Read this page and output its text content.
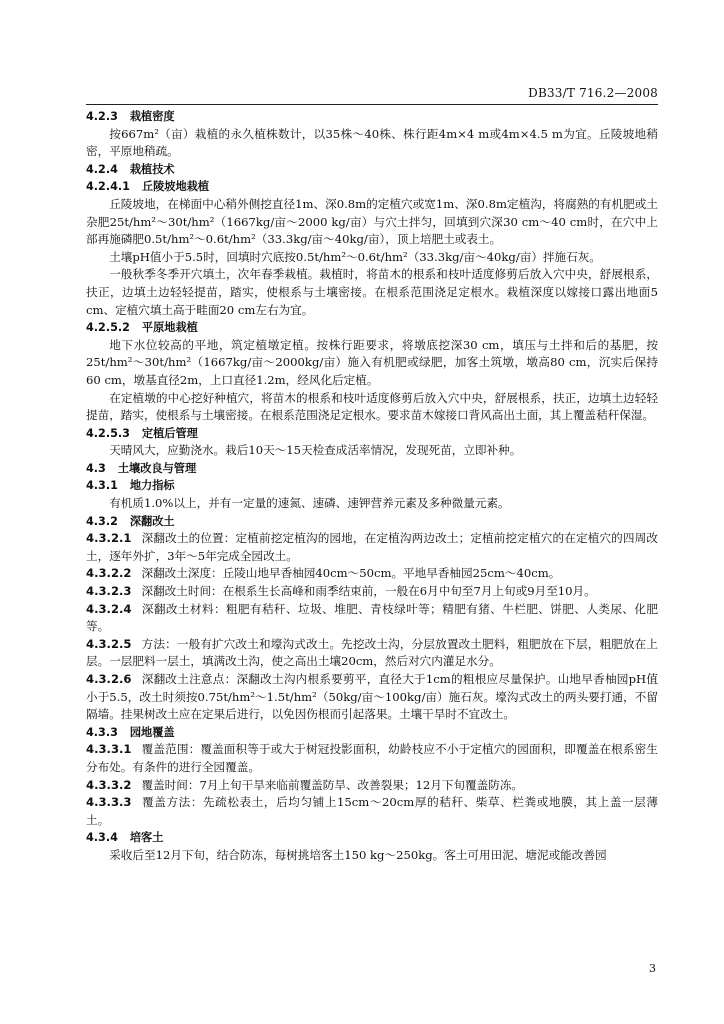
DB33/T 716.2—2008
4.2.3 栽植密度
按667m²（亩）栽植的永久植株数计，以35株～40株、株行距4m×4 m或4m×4.5 m为宜。丘陵坡地稍密，平原地稍疏。
4.2.4 栽植技术
4.2.4.1 丘陵坡地栽植
丘陵坡地，在梯面中心稍外侧挖直径1m、深0.8m的定植穴或宽1m、深0.8m定植沟，将腐熟的有机肥或土杂肥25t/hm²～30t/hm²（1667kg/亩～2000 kg/亩）与穴土拌匀，回填到穴深30 cm～40 cm时，在穴中上部再施磷肥0.5t/hm²～0.6t/hm²（33.3kg/亩～40kg/亩），顶上培肥土或表土。
土壤pH值小于5.5时，回填时穴底按0.5t/hm²～0.6t/hm²（33.3kg/亩～40kg/亩）拌施石灰。
一般秋季冬季开穴填土，次年春季栽植。栽植时，将苗木的根系和枝叶适度修剪后放入穴中央，舒展根系，扶正，边填土边轻轻提苗，踏实，使根系与土壤密接。在根系范围浇足定根水。栽植深度以嫁接口露出地面5 cm、定植穴填土高于畦面20 cm左右为宜。
4.2.5.2 平原地栽植
地下水位较高的平地，筑定植墩定植。按株行距要求，将墩底挖深30 cm，填压与土拌和后的基肥，按25t/hm²～30t/hm²（1667kg/亩～2000kg/亩）施入有机肥或绿肥，加客土筑墩，墩高80 cm，沉实后保持60 cm，墩基直径2m，上口直径1.2m，经风化后定植。
在定植墩的中心挖好种植穴，将苗木的根系和枝叶适度修剪后放入穴中央，舒展根系，扶正，边填土边轻轻提苗，踏实，使根系与土壤密接。在根系范围浇足定根水。要求苗木嫁接口背风高出土面，其上覆盖秸秆保湿。
4.2.5.3 定植后管理
天晴风大，应勤浇水。栽后10天～15天检查成活率情况，发现死苗，立即补种。
4.3 土壤改良与管理
4.3.1 地力指标
有机质1.0%以上，并有一定量的速氮、速磷、速钾营养元素及多种微量元素。
4.3.2 深翻改土
4.3.2.1 深翻改土的位置：定植前挖定植沟的园地，在定植沟两边改土；定植前挖定植穴的在定植穴的四周改土，逐年外扩，3年～5年完成全园改土。
4.3.2.2 深翻改土深度：丘陵山地早香柚园40cm～50cm。平地早香柚园25cm～40cm。
4.3.2.3 深翻改土时间：在根系生长高峰和雨季结束前，一般在6月中旬至7月上旬或9月至10月。
4.3.2.4 深翻改土材料：粗肥有秸秆、垃圾、堆肥、青枝绿叶等；精肥有猪、牛栏肥、饼肥、人类尿、化肥等。
4.3.2.5 方法：一般有扩穴改土和壕沟式改土。先挖改土沟，分层放置改土肥料，粗肥放在下层，粗肥放在上层。一层肥料一层土，填满改土沟，使之高出土壤20cm，然后对穴内灌足水分。
4.3.2.6 深翻改土注意点：深翻改土沟内根系要剪平，直径大于1cm的粗根应尽量保护。山地早香柚园pH值小于5.5，改土时须按0.75t/hm²～1.5t/hm²（50kg/亩～100kg/亩）施石灰。壕沟式改土的两头要打通，不留隔墙。挂果树改土应在定果后进行，以免因伤根而引起落果。土壤干旱时不宜改土。
4.3.3 园地覆盖
4.3.3.1 覆盖范围：覆盖面积等于或大于树冠投影面积，幼龄枝应不小于定植穴的园面积，即覆盖在根系密生分布处。有条件的进行全园覆盖。
4.3.3.2 覆盖时间：7月上旬干旱来临前覆盖防旱、改善裂果；12月下旬覆盖防冻。
4.3.3.3 覆盖方法：先疏松表土，后均匀铺上15cm～20cm厚的秸秆、柴草、栏粪或地膜，其上盖一层薄土。
4.3.4 培客土
采收后至12月下旬，结合防冻，每树挑培客土150 kg～250kg。客土可用田泥、塘泥或能改善园
3
